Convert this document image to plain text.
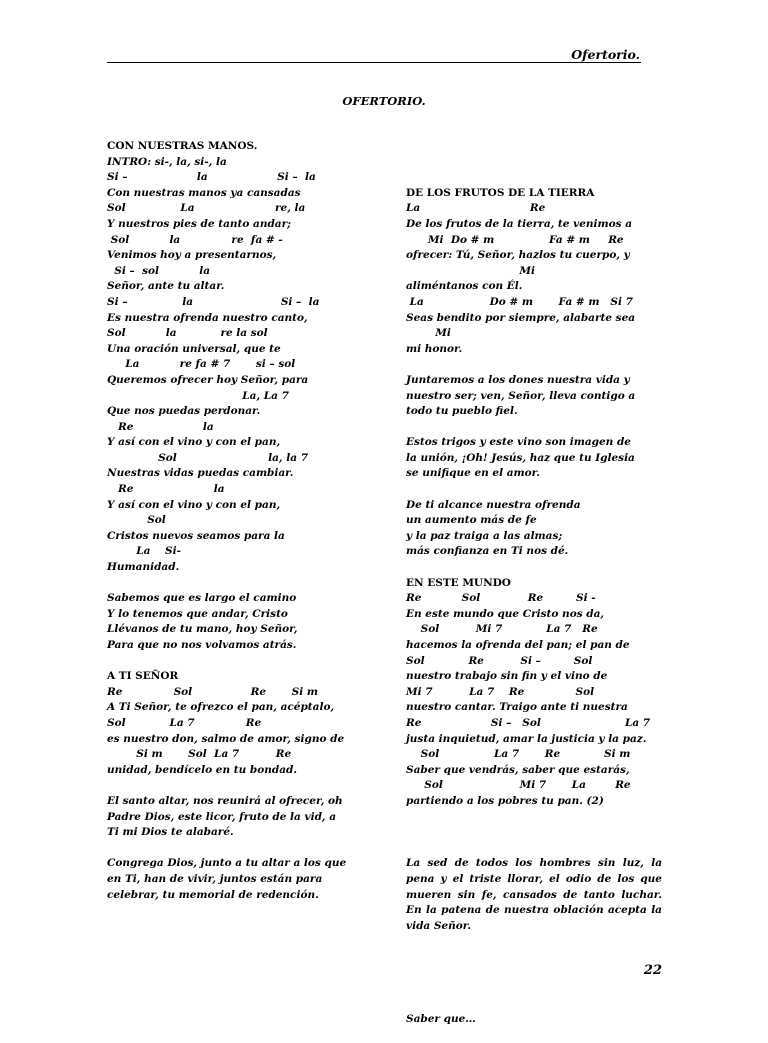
Ofertorio.
OFERTORIO.
CON NUESTRAS MANOS.
INTRO: si-, la, si-, la
Si –                   la                   Si –  la
Con nuestras manos ya cansadas
Sol               La                      re, la
Y nuestros pies de tanto andar;
Sol           la              re  fa # -
Venimos hoy a presentarnos,
Si –  sol           la
Señor, ante tu altar.
Si –               la                        Si –  la
Es nuestra ofrenda nuestro canto,
Sol           la            re la sol
Una oración universal, que te
La           re fa # 7       si – sol
Queremos ofrecer hoy Señor, para
La, La 7
Que nos puedas perdonar.
Re                   la
Y así con el vino y con el pan,
Sol                         la, la 7
Nuestras vidas puedas cambiar.
Re                      la
Y así con el vino y con el pan,
Sol
Cristos nuevos seamos para la
La    Si-
Humanidad.
Sabemos que es largo el camino
Y lo tenemos que andar, Cristo
Llévanos de tu mano, hoy Señor,
Para que no nos volvamos atrás.
A TI SEÑOR
Re              Sol                Re       Si m
A Ti Señor, te ofrezco el pan, acéptalo,
Sol            La 7              Re
es nuestro don, salmo de amor, signo de
Si m       Sol  La 7          Re
unidad, bendícelo en tu bondad.
El santo altar, nos reunirá al ofrecer, oh
Padre Dios, este licor, fruto de la vid, a
Ti mi Dios te alabaré.
Congrega Dios, junto a tu altar a los que
en Ti, han de vivir, juntos están para
celebrar, tu memorial de redención.

DE LOS FRUTOS DE LA TIERRA
La                              Re
De los frutos de la tierra, te venimos a
Mi  Do # m               Fa # m     Re
ofrecer: Tú, Señor, hazlos tu cuerpo, y
Mi
aliméntanos con Él.
La                  Do # m       Fa # m   Si 7
Seas bendito por siempre, alabarte sea
Mi
mi honor.
Juntaremos a los dones nuestra vida y
nuestro ser; ven, Señor, lleva contigo a
todo tu pueblo fiel.
Estos trigos y este vino son imagen de
la unión, ¡Oh! Jesús, haz que tu Iglesia
se unifique en el amor.
De ti alcance nuestra ofrenda
un aumento más de fe
y la paz traiga a las almas;
más confianza en Ti nos dé.
EN ESTE MUNDO
Re           Sol             Re         Si -
En este mundo que Cristo nos da,
Sol          Mi 7            La 7   Re
hacemos la ofrenda del pan; el pan de
Sol            Re          Si –         Sol
nuestro trabajo sin fin y el vino de
Mi 7          La 7    Re              Sol
nuestro cantar. Traigo ante ti nuestra
Re                   Si –   Sol                       La 7
justa inquietud, amar la justicia y la paz.
Sol               La 7       Re            Si m
Saber que vendrás, saber que estarás,
Sol                     Mi 7       La        Re
partiendo a los pobres tu pan. (2)

La sed de todos los hombres sin luz, la pena y el triste llorar, el odio de los que mueren sin fe, cansados de tanto luchar. En la patena de nuestra oblación acepta la vida Señor.

Saber que…

22
